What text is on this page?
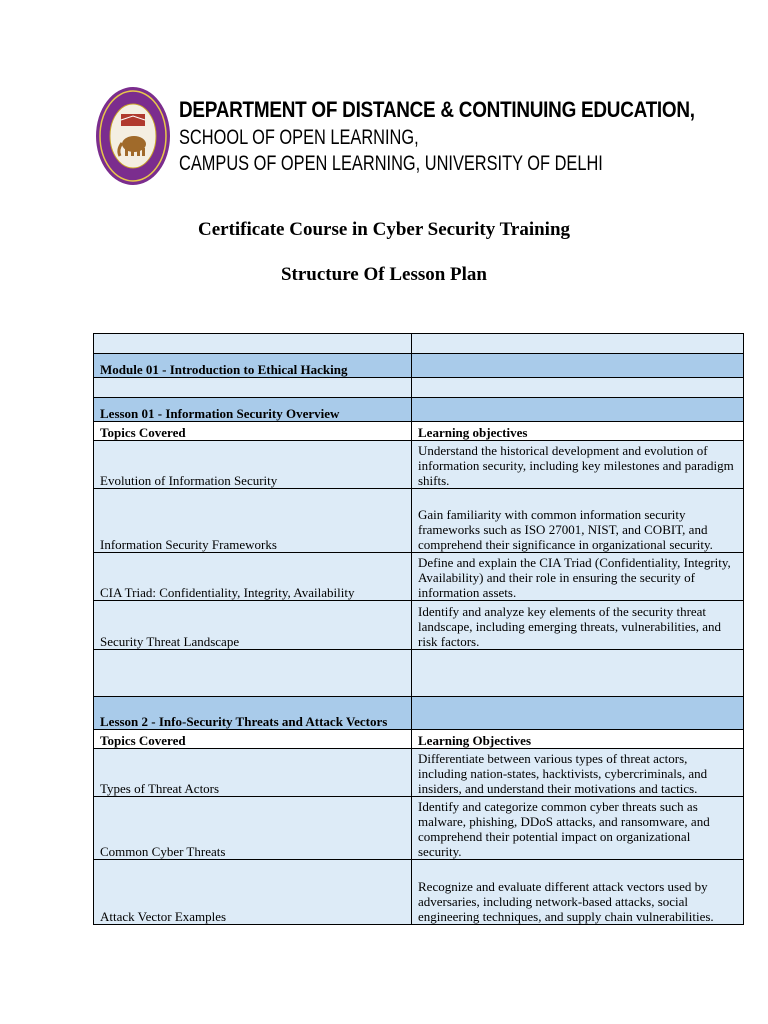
DEPARTMENT OF DISTANCE & CONTINUING EDUCATION,
SCHOOL OF OPEN LEARNING,
CAMPUS OF OPEN LEARNING, UNIVERSITY OF DELHI
Certificate Course in Cyber Security Training
Structure Of Lesson Plan

Module 01 - Introduction to Ethical Hacking	

Lesson 01 - Information Security Overview	
Topics Covered	Learning objectives
Evolution of Information Security	Understand the historical development and evolution of information security, including key milestones and paradigm shifts.
Information Security Frameworks	Gain familiarity with common information security frameworks such as ISO 27001, NIST, and COBIT, and comprehend their significance in organizational security.
CIA Triad: Confidentiality, Integrity, Availability	Define and explain the CIA Triad (Confidentiality, Integrity, Availability) and their role in ensuring the security of information assets.
Security Threat Landscape	Identify and analyze key elements of the security threat landscape, including emerging threats, vulnerabilities, and risk factors.

Lesson 2 - Info-Security Threats and Attack Vectors	
Topics Covered	Learning Objectives
Types of Threat Actors	Differentiate between various types of threat actors, including nation-states, hacktivists, cybercriminals, and insiders, and understand their motivations and tactics.
Common Cyber Threats	Identify and categorize common cyber threats such as malware, phishing, DDoS attacks, and ransomware, and comprehend their potential impact on organizational security.
Attack Vector Examples	Recognize and evaluate different attack vectors used by adversaries, including network-based attacks, social engineering techniques, and supply chain vulnerabilities.
